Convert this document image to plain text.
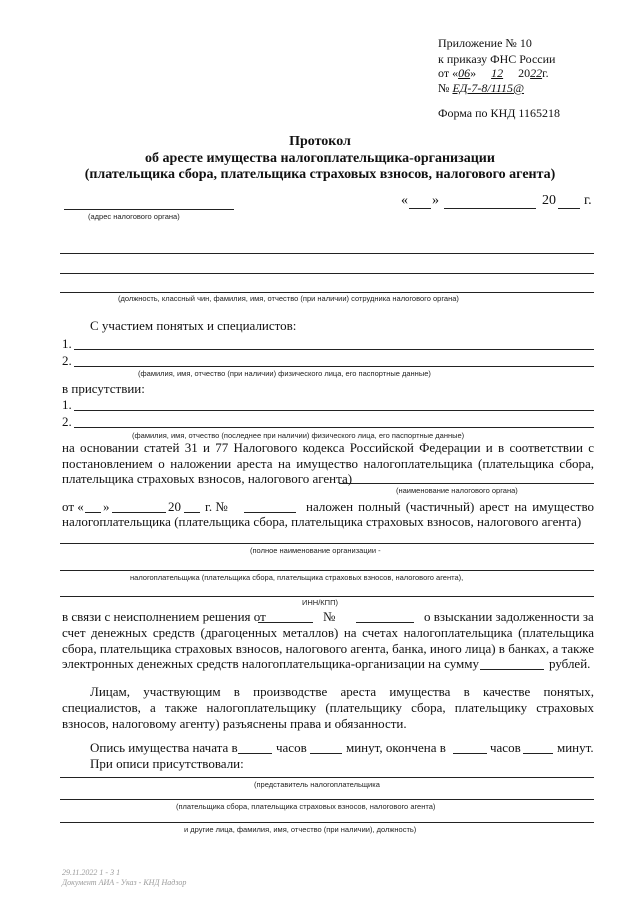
Приложение № 10
к приказу ФНС России
от «06»     12     2022г.
№ ЕД-7-8/1115@
Форма по КНД 1165218
Протокол
об аресте имущества налогоплательщика-организации
(плательщика сбора, плательщика страховых взносов, налогового агента)
(адрес налогового органа)
« »	20 г.
(должность, классный чин, фамилия, имя, отчество (при наличии) сотрудника налогового органа)
С участием понятых и специалистов:
1.
2.
(фамилия, имя, отчество (при наличии) физического лица, его паспортные данные)
в присутствии:
1.
2.
(фамилия, имя, отчество (последнее при наличии) физического лица, его паспортные данные)
на основании статей 31 и 77 Налогового кодекса Российской Федерации и в соответствии с
постановлением о наложении ареста на имущество налогоплательщика (плательщика сбора,
плательщика страховых взносов, налогового агента)
(наименование налогового органа)
от « »	20 г. №	наложен полный (частичный) арест на имущество
налогоплательщика (плательщика сбора, плательщика страховых взносов, налогового агента)
(полное наименование организации -
налогоплательщика (плательщика сбора, плательщика страховых взносов, налогового агента),
ИНН/КПП)
в связи с неисполнением решения от	№	о взыскании задолженности за
счет денежных средств (драгоценных металлов) на счетах налогоплательщика (плательщика
сбора, плательщика страховых взносов, налогового агента, банка, иного лица) в банках, а также
электронных денежных средств налогоплательщика-организации на сумму	рублей.
Лицам, участвующим в производстве ареста имущества в качестве понятых,
специалистов, а также налогоплательщику (плательщику сбора, плательщику страховых
взносов, налоговому агенту) разъяснены права и обязанности.
Опись имущества начата в	часов	минут, окончена в	часов	минут.
При описи присутствовали:
(представитель налогоплательщика
(плательщика сбора, плательщика страховых взносов, налогового агента)
и другие лица, фамилия, имя, отчество (при наличии), должность)
29.11.2022 1 - 3 1
Документ АИА - Указ - КНД Надзор
